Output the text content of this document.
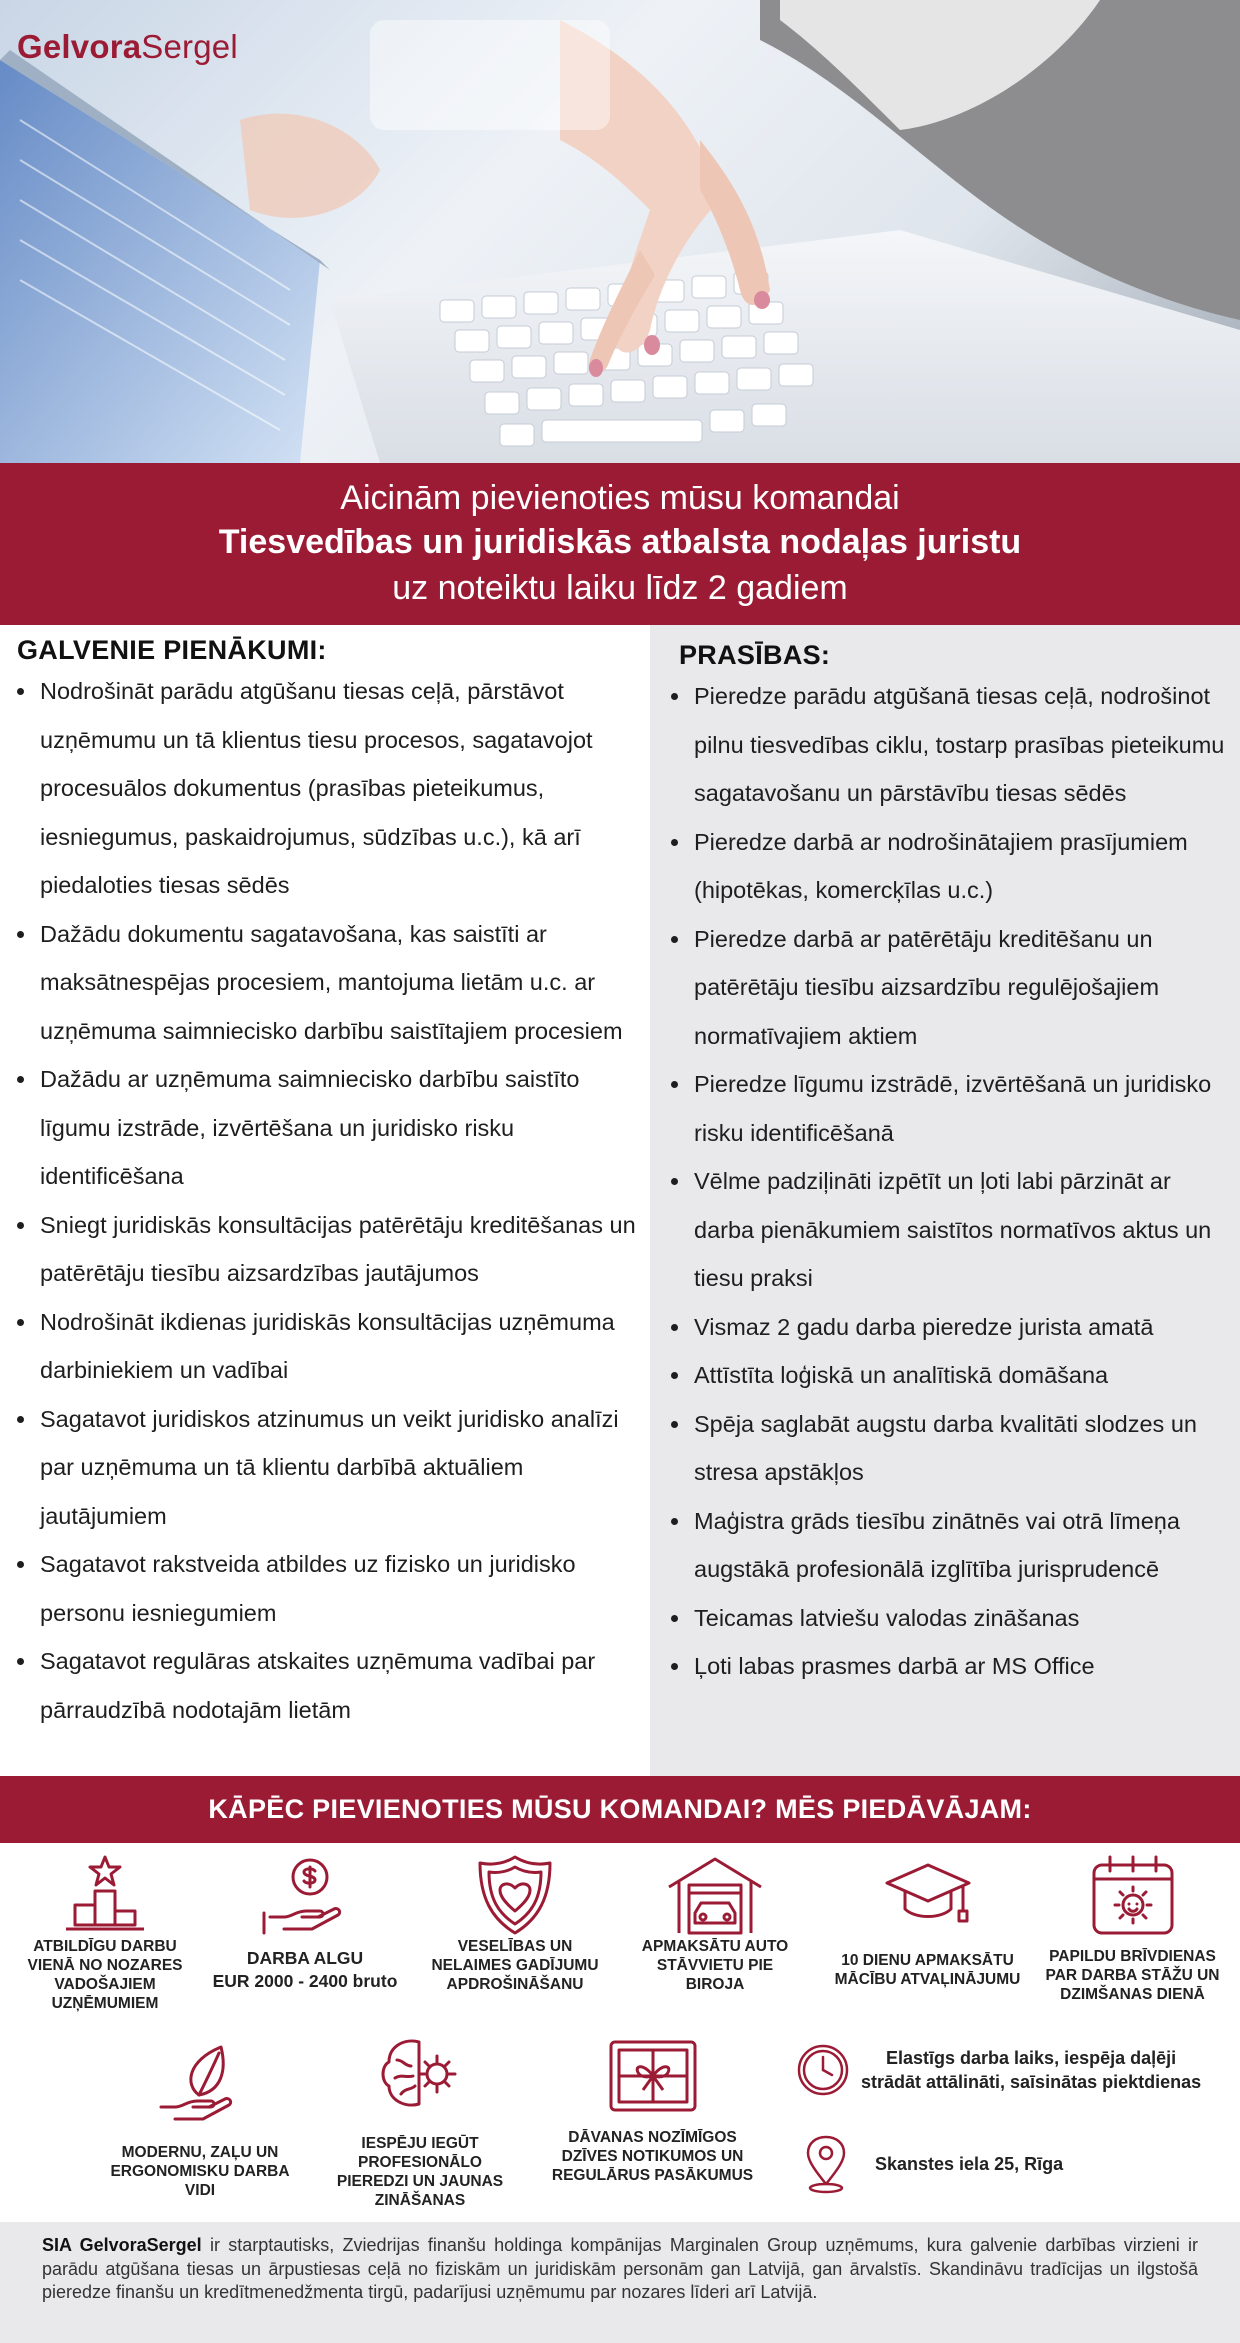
GelvoraSergel
Aicinām pievienoties mūsu komandai
Tiesvedības un juridiskās atbalsta nodaļas juristu
uz noteiktu laiku līdz 2 gadiem
GALVENIE PIENĀKUMI:
Nodrošināt parādu atgūšanu tiesas ceļā, pārstāvot uzņēmumu un tā klientus tiesu procesos, sagatavojot procesuālos dokumentus (prasības pieteikumus, iesniegumus, paskaidrojumus, sūdzības u.c.), kā arī piedaloties tiesas sēdēs
Dažādu dokumentu sagatavošana, kas saistīti ar maksātnespējas procesiem, mantojuma lietām u.c. ar uzņēmuma saimniecisko darbību saistītajiem procesiem
Dažādu ar uzņēmuma saimniecisko darbību saistīto līgumu izstrāde, izvērtēšana un juridisko risku identificēšana
Sniegt juridiskās konsultācijas patērētāju kreditēšanas un patērētāju tiesību aizsardzības jautājumos
Nodrošināt ikdienas juridiskās konsultācijas uzņēmuma darbiniekiem un vadībai
Sagatavot juridiskos atzinumus un veikt juridisko analīzi par uzņēmuma un tā klientu darbībā aktuāliem jautājumiem
Sagatavot rakstveida atbildes uz fizisko un juridisko personu iesniegumiem
Sagatavot regulāras atskaites uzņēmuma vadībai par pārraudzībā nodotajām lietām
PRASĪBAS:
Pieredze parādu atgūšanā tiesas ceļā, nodrošinot pilnu tiesvedības ciklu, tostarp prasības pieteikumu sagatavošanu un pārstāvību tiesas sēdēs
Pieredze darbā ar nodrošinātajiem prasījumiem (hipotēkas, komercķīlas u.c.)
Pieredze darbā ar patērētāju kreditēšanu un patērētāju tiesību aizsardzību regulējošajiem normatīvajiem aktiem
Pieredze līgumu izstrādē, izvērtēšanā un juridisko risku identificēšanā
Vēlme padziļināti izpētīt un ļoti labi pārzināt ar darba pienākumiem saistītos normatīvos aktus un tiesu praksi
Vismaz 2 gadu darba pieredze jurista amatā
Attīstīta loģiskā un analītiskā domāšana
Spēja saglabāt augstu darba kvalitāti slodzes un stresa apstākļos
Maģistra grāds tiesību zinātnēs vai otrā līmeņa augstākā profesionālā izglītība jurisprudencē
Teicamas latviešu valodas zināšanas
Ļoti labas prasmes darbā ar MS Office
KĀPĒC PIEVIENOTIES MŪSU KOMANDAI? MĒS PIEDĀVĀJAM:
ATBILDĪGU DARBU
VIENĀ NO NOZARES
VADOŠAJIEM
UZŅĒMUMIEM
DARBA ALGU
EUR 2000 - 2400 bruto
VESELĪBAS UN
NELAIMES GADĪJUMU
APDROŠINĀŠANU
APMAKSĀTU AUTO
STĀVVIETU PIE
BIROJA
10 DIENU APMAKSĀTU
MĀCĪBU ATVAĻINĀJUMU
PAPILDU BRĪVDIENAS
PAR DARBA STĀŽU UN
DZIMŠANAS DIENĀ
MODERNU, ZAĻU UN
ERGONOMISKU DARBA
VIDI
IESPĒJU IEGŪT
PROFESIONĀLO
PIEREDZI UN JAUNAS
ZINĀŠANAS
DĀVANAS NOZĪMĪGOS
DZĪVES NOTIKUMOS UN
REGULĀRUS PASĀKUMUS
Elastīgs darba laiks, iespēja daļēji
strādāt attālināti, saīsinātas piektdienas
Skanstes iela 25, Rīga

SIA GelvoraSergel ir starptautisks, Zviedrijas finanšu holdinga kompānijas Marginalen Group uzņēmums, kura galvenie darbības virzieni ir parādu atgūšana tiesas un ārpustiesas ceļā no fiziskām un juridiskām personām gan Latvijā, gan ārvalstīs. Skandināvu tradīcijas un ilgstošā pieredze finanšu un kredītmenedžmenta tirgū, padarījusi uzņēmumu par nozares līderi arī Latvijā.
